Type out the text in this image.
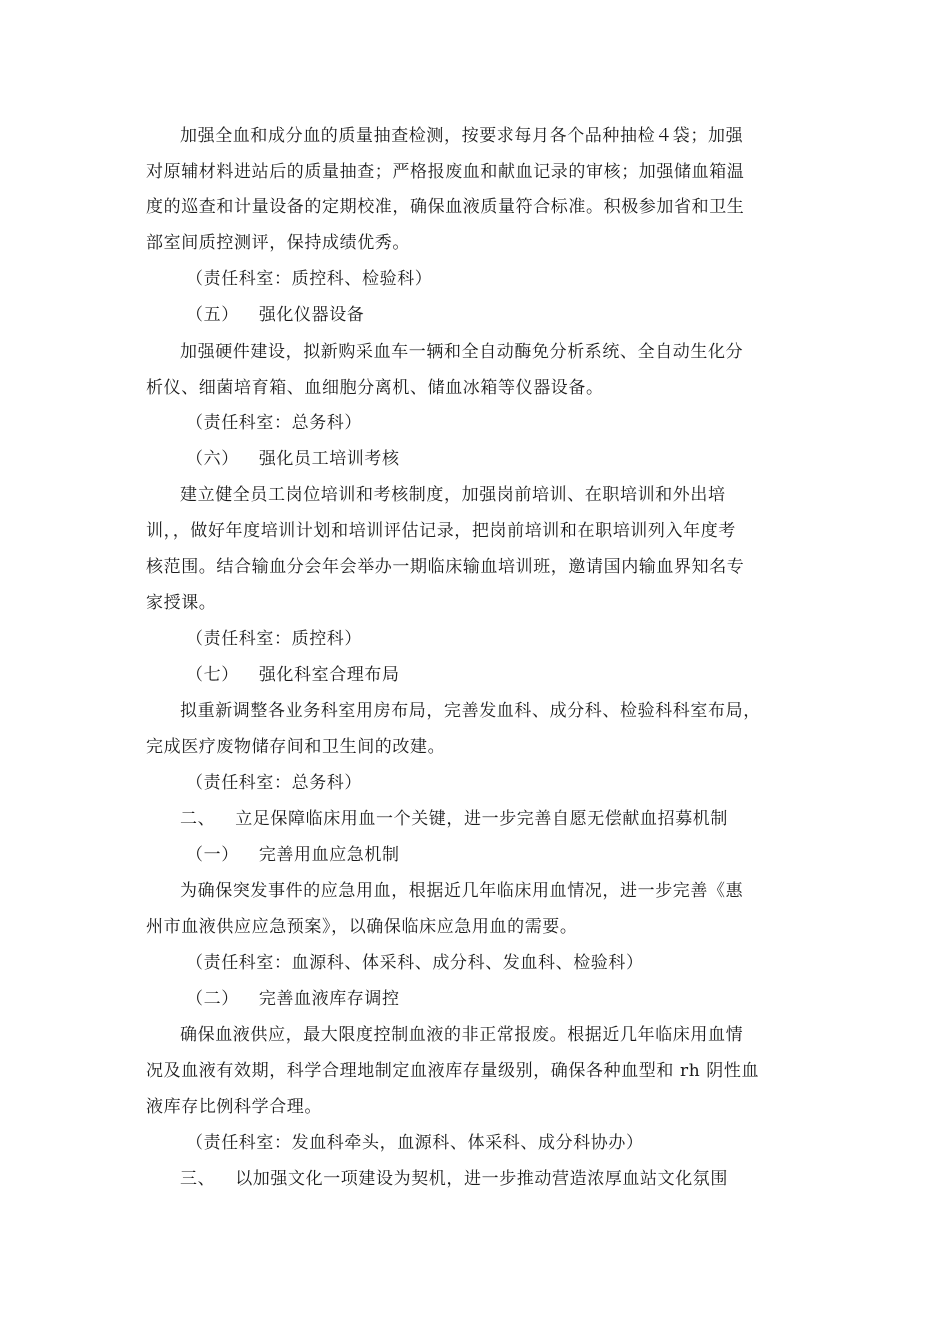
加强全血和成分血的质量抽查检测，按要求每月各个品种抽检４袋；加强
对原辅材料进站后的质量抽查；严格报废血和献血记录的审核；加强储血箱温
度的巡查和计量设备的定期校准，确保血液质量符合标准。积极参加省和卫生
部室间质控测评，保持成绩优秀。
（责任科室：质控科、检验科）
（五） 强化仪器设备
加强硬件建设，拟新购采血车一辆和全自动酶免分析系统、全自动生化分
析仪、细菌培育箱、血细胞分离机、储血冰箱等仪器设备。
（责任科室：总务科）
（六） 强化员工培训考核
建立健全员工岗位培训和考核制度，加强岗前培训、在职培训和外出培
训，，做好年度培训计划和培训评估记录，把岗前培训和在职培训列入年度考
核范围。结合输血分会年会举办一期临床输血培训班，邀请国内输血界知名专
家授课。
（责任科室：质控科）
（七） 强化科室合理布局
拟重新调整各业务科室用房布局，完善发血科、成分科、检验科科室布局，
完成医疗废物储存间和卫生间的改建。
（责任科室：总务科）
二、 立足保障临床用血一个关键，进一步完善自愿无偿献血招募机制
（一） 完善用血应急机制
为确保突发事件的应急用血，根据近几年临床用血情况，进一步完善《惠
州市血液供应应急预案》，以确保临床应急用血的需要。
（责任科室：血源科、体采科、成分科、发血科、检验科）
（二） 完善血液库存调控
确保血液供应，最大限度控制血液的非正常报废。根据近几年临床用血情
况及血液有效期，科学合理地制定血液库存量级别，确保各种血型和 rh 阴性血
液库存比例科学合理。
（责任科室：发血科牵头，血源科、体采科、成分科协办）
三、 以加强文化一项建设为契机，进一步推动营造浓厚血站文化氛围
